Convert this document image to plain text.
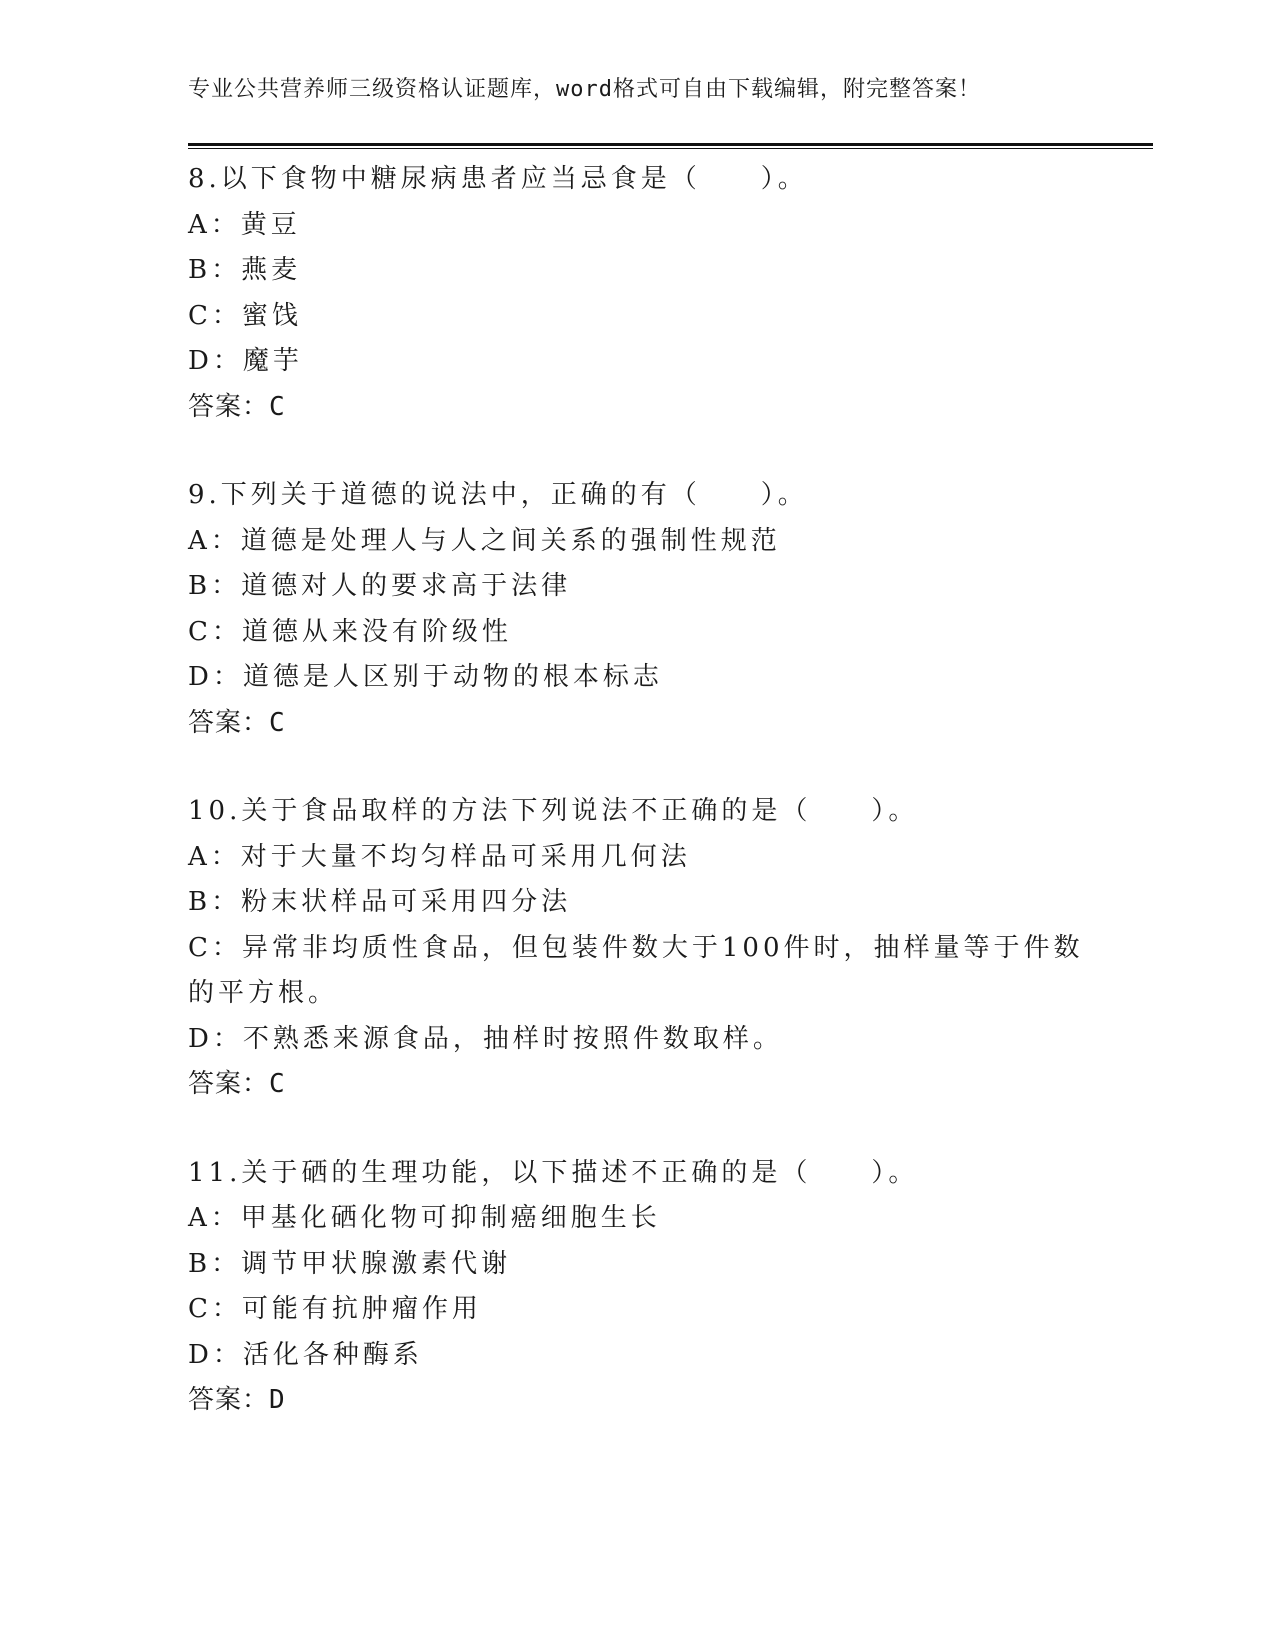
专业公共营养师三级资格认证题库，word格式可自由下载编辑，附完整答案！
8.以下食物中糖尿病患者应当忌食是（　　）。
A：黄豆
B：燕麦
C：蜜饯
D：魔芋
答案：C
9.下列关于道德的说法中，正确的有（　　）。
A：道德是处理人与人之间关系的强制性规范
B：道德对人的要求高于法律
C：道德从来没有阶级性
D：道德是人区别于动物的根本标志
答案：C
10.关于食品取样的方法下列说法不正确的是（　　）。
A：对于大量不均匀样品可采用几何法
B：粉末状样品可采用四分法
C：异常非均质性食品，但包装件数大于100件时，抽样量等于件数的平方根。
D：不熟悉来源食品，抽样时按照件数取样。
答案：C
11.关于硒的生理功能，以下描述不正确的是（　　）。
A：甲基化硒化物可抑制癌细胞生长
B：调节甲状腺激素代谢
C：可能有抗肿瘤作用
D：活化各种酶系
答案：D
